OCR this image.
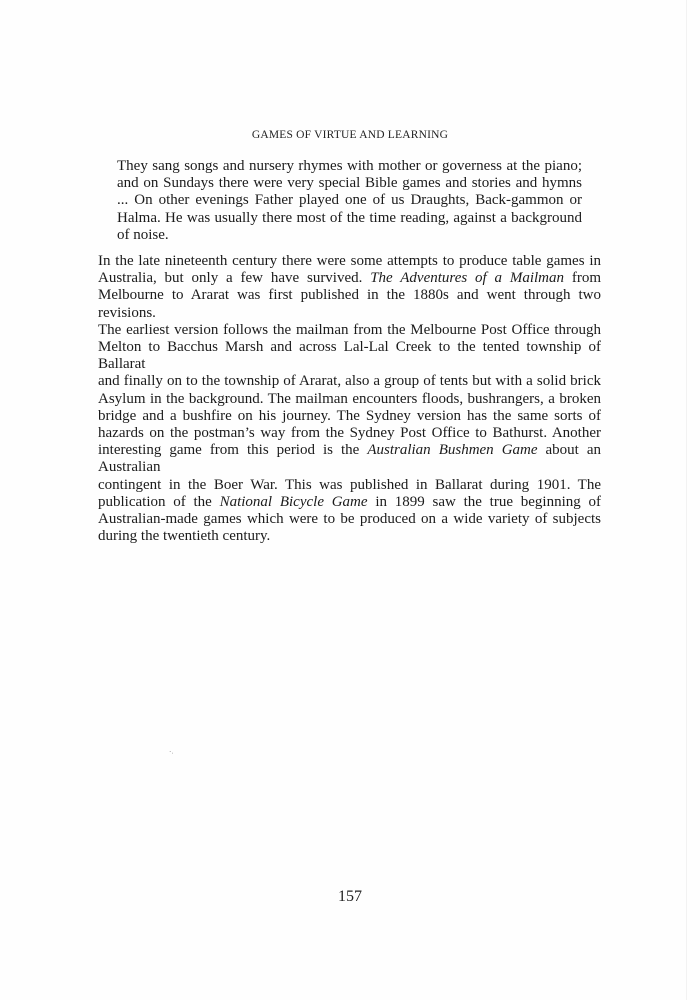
GAMES OF VIRTUE AND LEARNING
They sang songs and nursery rhymes with mother or governess at the piano;
and on Sundays there were very special Bible games and stories and hymns
... On other evenings Father played one of us Draughts, Back-gammon or
Halma. He was usually there most of the time reading, against a background
of noise.
In the late nineteenth century there were some attempts to produce table games in
Australia, but only a few have survived. The Adventures of a Mailman from
Melbourne to Ararat was first published in the 1880s and went through two revisions.
The earliest version follows the mailman from the Melbourne Post Office through
Melton to Bacchus Marsh and across Lal-Lal Creek to the tented township of Ballarat
and finally on to the township of Ararat, also a group of tents but with a solid brick
Asylum in the background. The mailman encounters floods, bushrangers, a broken
bridge and a bushfire on his journey. The Sydney version has the same sorts of
hazards on the postman’s way from the Sydney Post Office to Bathurst. Another
interesting game from this period is the Australian Bushmen Game about an Australian
contingent in the Boer War. This was published in Ballarat during 1901. The
publication of the National Bicycle Game in 1899 saw the true beginning of
Australian-made games which were to be produced on a wide variety of subjects
during the twentieth century.
·˒
157
